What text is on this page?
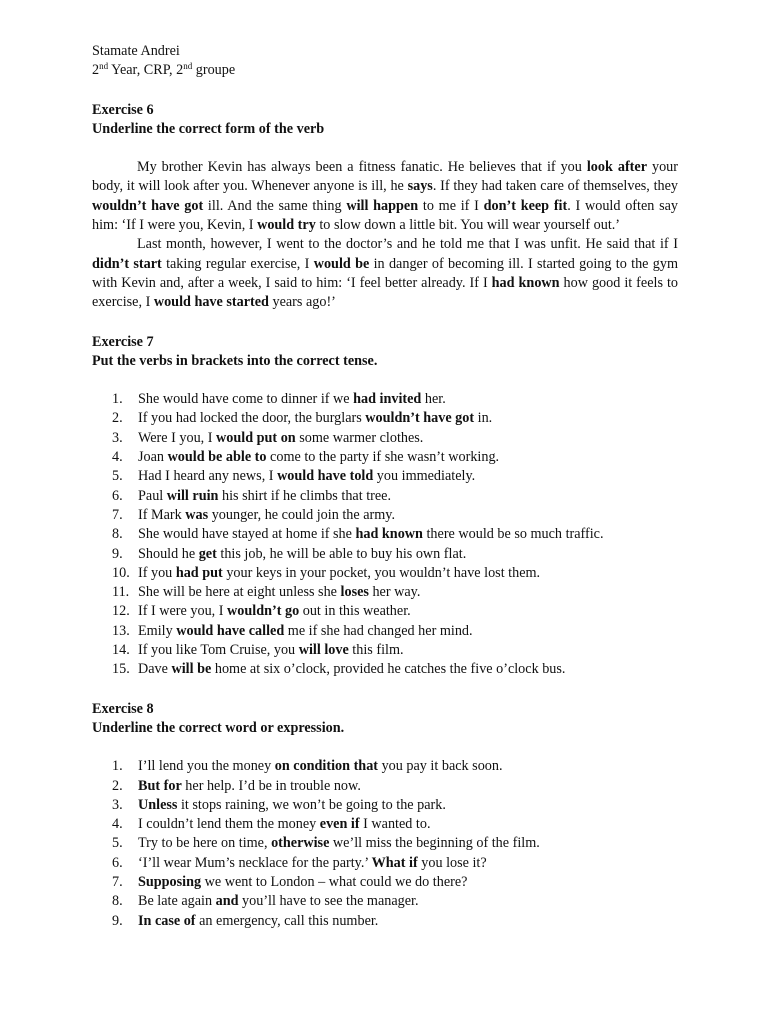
Stamate Andrei
2nd Year, CRP, 2nd groupe
Exercise 6
Underline the correct form of the verb
My brother Kevin has always been a fitness fanatic. He believes that if you look after your body, it will look after you. Whenever anyone is ill, he says. If they had taken care of themselves, they wouldn’t have got ill. And the same thing will happen to me if I don’t keep fit. I would often say him: ‘If I were you, Kevin, I would try to slow down a little bit. You will wear yourself out.’
Last month, however, I went to the doctor’s and he told me that I was unfit. He said that if I didn’t start taking regular exercise, I would be in danger of becoming ill. I started going to the gym with Kevin and, after a week, I said to him: ‘I feel better already. If I had known how good it feels to exercise, I would have started years ago!’
Exercise 7
Put the verbs in brackets into the correct tense.
1. She would have come to dinner if we had invited her.
2. If you had locked the door, the burglars wouldn’t have got in.
3. Were I you, I would put on some warmer clothes.
4. Joan would be able to come to the party if she wasn’t working.
5. Had I heard any news, I would have told you immediately.
6. Paul will ruin his shirt if he climbs that tree.
7. If Mark was younger, he could join the army.
8. She would have stayed at home if she had known there would be so much traffic.
9. Should he get this job, he will be able to buy his own flat.
10. If you had put your keys in your pocket, you wouldn’t have lost them.
11. She will be here at eight unless she loses her way.
12. If I were you, I wouldn’t go out in this weather.
13. Emily would have called me if she had changed her mind.
14. If you like Tom Cruise, you will love this film.
15. Dave will be home at six o’clock, provided he catches the five o’clock bus.
Exercise 8
Underline the correct word or expression.
1. I’ll lend you the money on condition that you pay it back soon.
2. But for her help. I’d be in trouble now.
3. Unless it stops raining, we won’t be going to the park.
4. I couldn’t lend them the money even if I wanted to.
5. Try to be here on time, otherwise we’ll miss the beginning of the film.
6. ‘I’ll wear Mum’s necklace for the party.’ What if you lose it?
7. Supposing we went to London – what could we do there?
8. Be late again and you’ll have to see the manager.
9. In case of an emergency, call this number.
